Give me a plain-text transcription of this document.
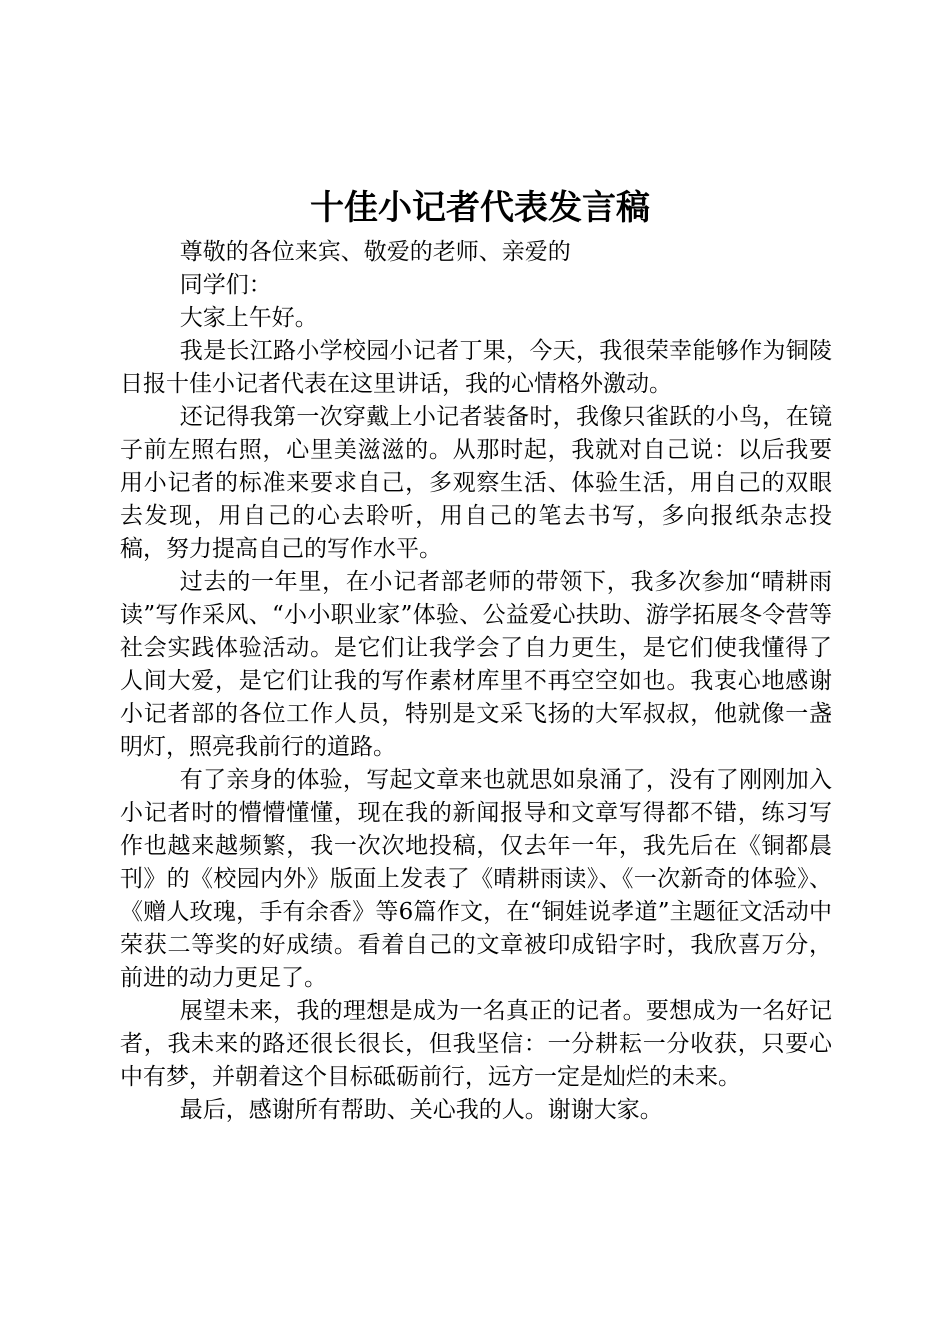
十佳小记者代表发言稿

尊敬的各位来宾、敬爱的老师、亲爱的

同学们：

大家上午好。

我是长江路小学校园小记者丁果，今天，我很荣幸能够作为铜陵日报十佳小记者代表在这里讲话，我的心情格外激动。

还记得我第一次穿戴上小记者装备时，我像只雀跃的小鸟，在镜子前左照右照，心里美滋滋的。从那时起，我就对自己说：以后我要用小记者的标准来要求自己，多观察生活、体验生活，用自己的双眼去发现，用自己的心去聆听，用自己的笔去书写，多向报纸杂志投稿，努力提高自己的写作水平。

过去的一年里，在小记者部老师的带领下，我多次参加“晴耕雨读”写作采风、“小小职业家”体验、公益爱心扶助、游学拓展冬令营等社会实践体验活动。是它们让我学会了自力更生，是它们使我懂得了人间大爱，是它们让我的写作素材库里不再空空如也。我衷心地感谢小记者部的各位工作人员，特别是文采飞扬的大军叔叔，他就像一盏明灯，照亮我前行的道路。

有了亲身的体验，写起文章来也就思如泉涌了，没有了刚刚加入小记者时的懵懵懂懂，现在我的新闻报导和文章写得都不错，练习写作也越来越频繁，我一次次地投稿，仅去年一年，我先后在《铜都晨刊》的《校园内外》版面上发表了《晴耕雨读》、《一次新奇的体验》、《赠人玫瑰，手有余香》等6篇作文，在“铜娃说孝道”主题征文活动中荣获二等奖的好成绩。看着自己的文章被印成铅字时，我欣喜万分，前进的动力更足了。

展望未来，我的理想是成为一名真正的记者。要想成为一名好记者，我未来的路还很长很长，但我坚信：一分耕耘一分收获，只要心中有梦，并朝着这个目标砥砺前行，远方一定是灿烂的未来。

最后，感谢所有帮助、关心我的人。谢谢大家。
